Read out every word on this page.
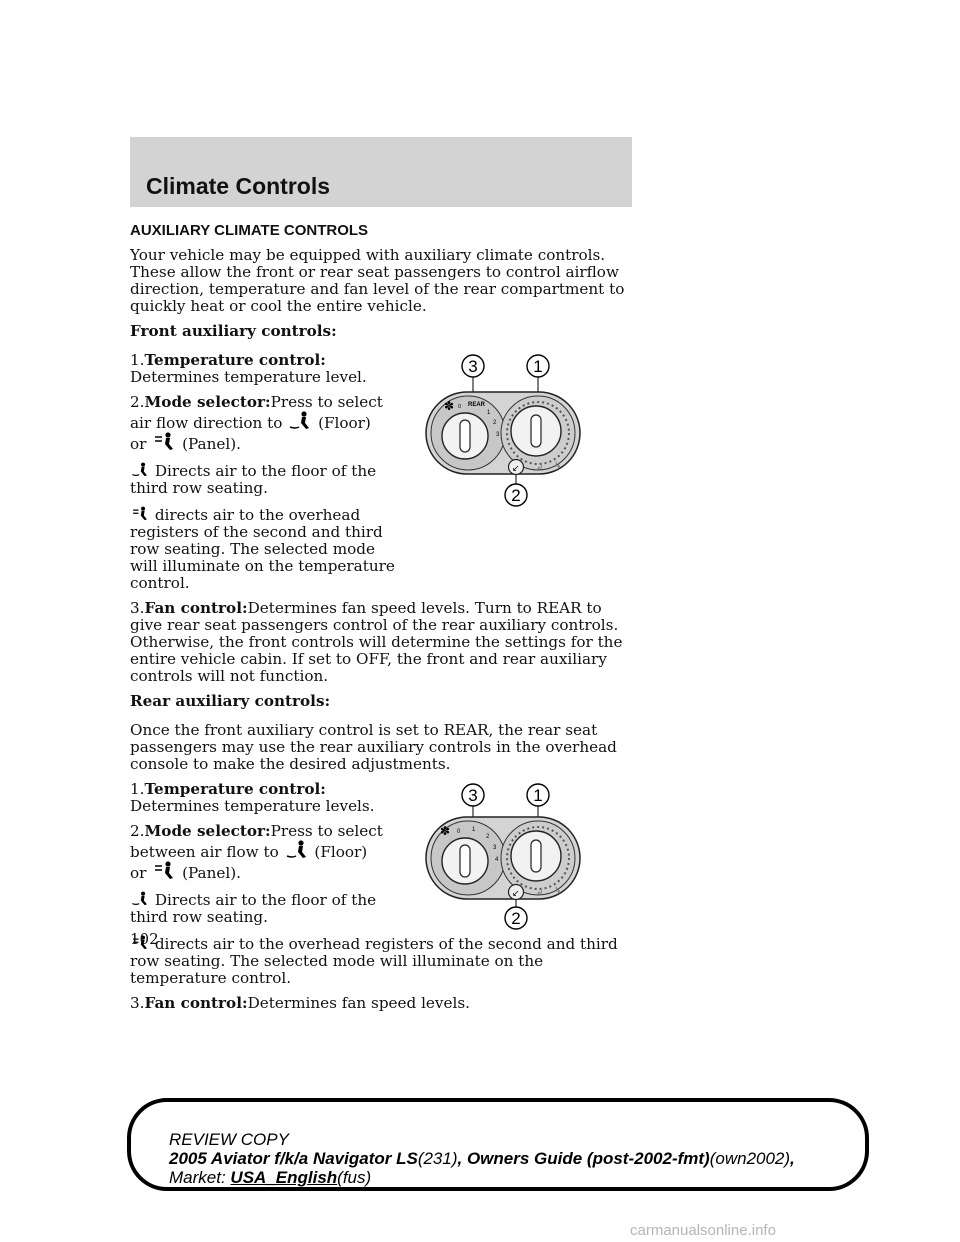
Climate Controls
AUXILIARY CLIMATE CONTROLS

Your vehicle may be equipped with auxiliary climate controls. These allow the front or rear seat passengers to control airflow direction, temperature and fan level of the rear compartment to quickly heat or cool the entire vehicle.

Front auxiliary controls:

3	1
✽ 0 REAR
1
2
3
↙ ↲ ↳
2

1.Temperature control:
Determines temperature level.

2.Mode selector:Press to select air flow direction to (Floor)
or (Panel).

Directs air to the floor of the third row seating.

directs air to the overhead registers of the second and third row seating. The selected mode will illuminate on the temperature control.

3.Fan control:Determines fan speed levels. Turn to REAR to give rear seat passengers control of the rear auxiliary controls. Otherwise, the front controls will determine the settings for the entire vehicle cabin. If set to OFF, the front and rear auxiliary controls will not function.

Rear auxiliary controls:

Once the front auxiliary control is set to REAR, the rear seat passengers may use the rear auxiliary controls in the overhead console to make the desired adjustments.

3	1
✽ 0 1
2
3
4
↙ ↲ ↳
2

1.Temperature control:
Determines temperature levels.

2.Mode selector:Press to select between air flow to (Floor)
or (Panel).

Directs air to the floor of the third row seating.

directs air to the overhead registers of the second and third row seating. The selected mode will illuminate on the temperature control.

3.Fan control:Determines fan speed levels.

102
REVIEW COPY
2005 Aviator f/k/a Navigator LS(231), Owners Guide (post-2002-fmt)(own2002),
Market: USA_English(fus)
carmanualsonline.info
